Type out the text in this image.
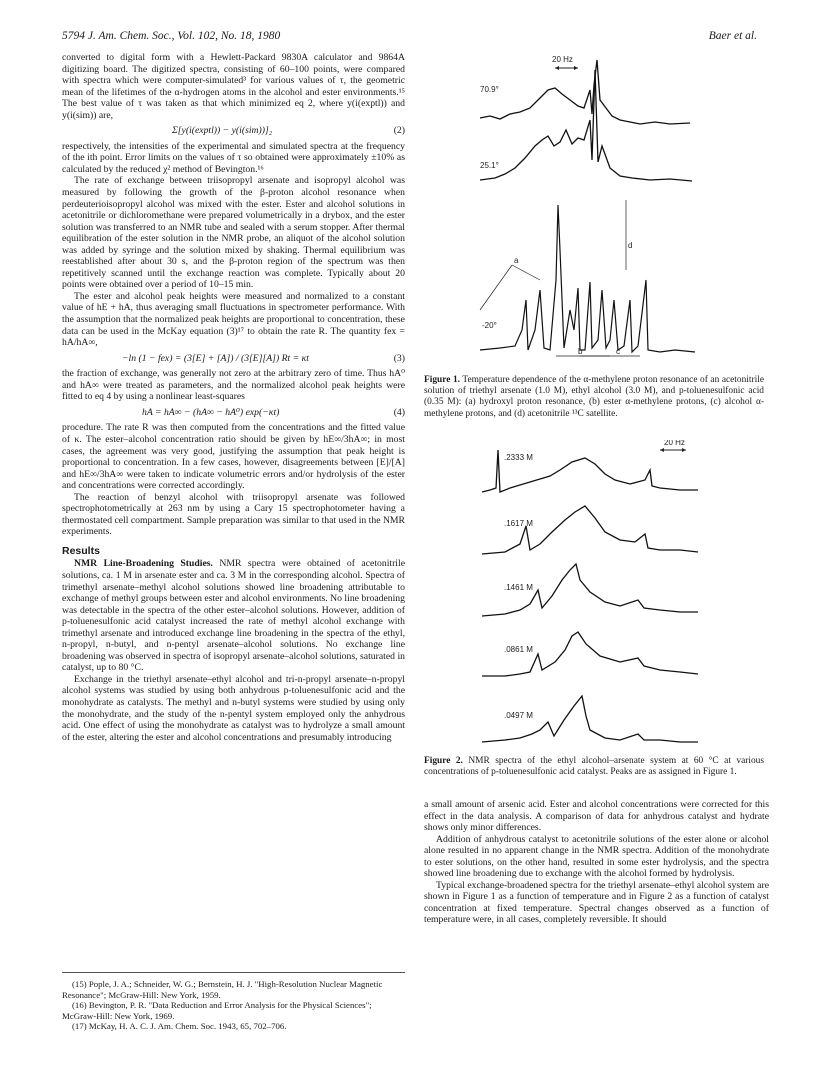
5794 J. Am. Chem. Soc., Vol. 102, No. 18, 1980	Baer et al.

converted to digital form with a Hewlett-Packard 9830A calculator and 9864A digitizing board. The digitized spectra, consisting of 60–100 points, were compared with spectra which were computer-simulated³ for various values of τ, the geometric mean of the lifetimes of the α-hydrogen atoms in the alcohol and ester environments.¹⁵ The best value of τ was taken as that which minimized eq 2, where y(i(exptl)) and y(i(sim)) are,

Σ[y(i(exptl)) − y(i(sim))]₂	(2)

respectively, the intensities of the experimental and simulated spectra at the frequency of the ith point. Error limits on the values of τ so obtained were approximately ±10% as calculated by the reduced χ² method of Bevington.¹⁶

The rate of exchange between triisopropyl arsenate and isopropyl alcohol was measured by following the growth of the β-proton alcohol resonance when perdeuterioisopropyl alcohol was mixed with the ester. Ester and alcohol solutions in acetonitrile or dichloromethane were prepared volumetrically in a drybox, and the ester solution was transferred to an NMR tube and sealed with a serum stopper. After thermal equilibration of the ester solution in the NMR probe, an aliquot of the alcohol solution was added by syringe and the solution mixed by shaking. Thermal equilibrium was reestablished after about 30 s, and the β-proton region of the spectrum was then repetitively scanned until the exchange reaction was complete. Typically about 20 points were obtained over a period of 10–15 min.

The ester and alcohol peak heights were measured and normalized to a constant value of hE + hA, thus averaging small fluctuations in spectrometer performance. With the assumption that the normalized peak heights are proportional to concentration, these data can be used in the McKay equation (3)¹⁷ to obtain the rate R. The quantity fex = hA/hA∞,

−ln (1 − fex) = (3[E] + [A]) / (3[E][A]) Rt = κt	(3)

the fraction of exchange, was generally not zero at the arbitrary zero of time. Thus hA⁰ and hA∞ were treated as parameters, and the normalized alcohol peak heights were fitted to eq 4 by using a nonlinear least-squares

hA = hA∞ − (hA∞ − hA⁰) exp(−κt)	(4)

procedure. The rate R was then computed from the concentrations and the fitted value of κ. The ester–alcohol concentration ratio should be given by hE∞/3hA∞; in most cases, the agreement was very good, justifying the assumption that peak height is proportional to concentration. In a few cases, however, disagreements between [E]/[A] and hE∞/3hA∞ were taken to indicate volumetric errors and/or hydrolysis of the ester and concentrations were corrected accordingly.

The reaction of benzyl alcohol with triisopropyl arsenate was followed spectrophotometrically at 263 nm by using a Cary 15 spectrophotometer having a thermostated cell compartment. Sample preparation was similar to that used in the NMR experiments.

Results

NMR Line-Broadening Studies. NMR spectra were obtained of acetonitrile solutions, ca. 1 M in arsenate ester and ca. 3 M in the corresponding alcohol. Spectra of trimethyl arsenate–methyl alcohol solutions showed line broadening attributable to exchange of methyl groups between ester and alcohol environments. No line broadening was detectable in the spectra of the other ester–alcohol solutions. However, addition of p-toluenesulfonic acid catalyst increased the rate of methyl alcohol exchange with trimethyl arsenate and introduced exchange line broadening in the spectra of the ethyl, n-propyl, n-butyl, and n-pentyl arsenate–alcohol solutions. No exchange line broadening was observed in spectra of isopropyl arsenate–alcohol solutions, saturated in catalyst, up to 80 °C.

Exchange in the triethyl arsenate–ethyl alcohol and tri-n-propyl arsenate–n-propyl alcohol systems was studied by using both anhydrous p-toluenesulfonic acid and the monohydrate as catalysts. The methyl and n-butyl systems were studied by using only the monohydrate, and the study of the n-pentyl system employed only the anhydrous acid. One effect of using the monohydrate as catalyst was to hydrolyze a small amount of the ester, altering the ester and alcohol concentrations and presumably introducing

(15) Pople, J. A.; Schneider, W. G.; Bernstein, H. J. "High-Resolution Nuclear Magnetic Resonance"; McGraw-Hill: New York, 1959.

(16) Bevington, P. R. "Data Reduction and Error Analysis for the Physical Sciences"; McGraw-Hill: New York, 1969.

(17) McKay, H. A. C. J. Am. Chem. Soc. 1943, 65, 702–706.

20 Hz
70.9°
25.1°
-20°
a
b	c
d
Figure 1. Temperature dependence of the α-methylene proton resonance of an acetonitrile solution of triethyl arsenate (1.0 M), ethyl alcohol (3.0 M), and p-toluenesulfonic acid (0.35 M): (a) hydroxyl proton resonance, (b) ester α-methylene protons, (c) alcohol α-methylene protons, and (d) acetonitrile ¹³C satellite.
20 Hz
.2333 M
.1617 M
.1461 M
.0861 M
.0497 M
Figure 2. NMR spectra of the ethyl alcohol–arsenate system at 60 °C at various concentrations of p-toluenesulfonic acid catalyst. Peaks are as assigned in Figure 1.

a small amount of arsenic acid. Ester and alcohol concentrations were corrected for this effect in the data analysis. A comparison of data for anhydrous catalyst and hydrate shows only minor differences.

Addition of anhydrous catalyst to acetonitrile solutions of the ester alone or alcohol alone resulted in no apparent change in the NMR spectra. Addition of the monohydrate to ester solutions, on the other hand, resulted in some ester hydrolysis, and the spectra showed line broadening due to exchange with the alcohol formed by hydrolysis.

Typical exchange-broadened spectra for the triethyl arsenate–ethyl alcohol system are shown in Figure 1 as a function of temperature and in Figure 2 as a function of catalyst concentration at fixed temperature. Spectral changes observed as a function of temperature were, in all cases, completely reversible. It should
